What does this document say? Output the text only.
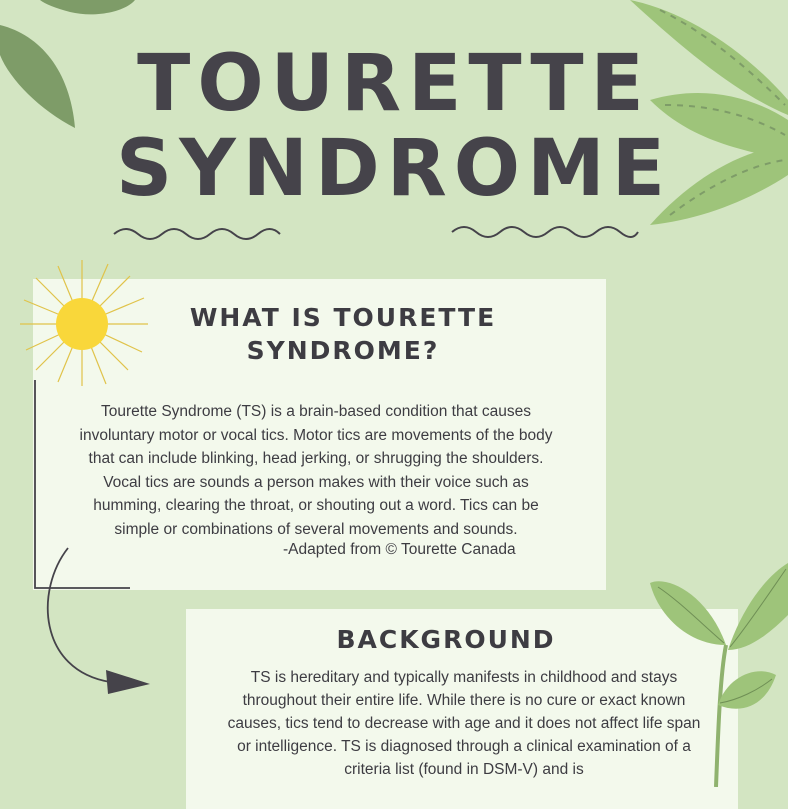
TOURETTE
SYNDROME
WHAT IS TOURETTE
SYNDROME?
Tourette Syndrome (TS) is a brain-based condition that causes involuntary motor or vocal tics. Motor tics are movements of the body that can include blinking, head jerking, or shrugging the shoulders. Vocal tics are sounds a person makes with their voice such as humming, clearing the throat, or shouting out a word. Tics can be simple or combinations of several movements and sounds.
-Adapted from © Tourette Canada
BACKGROUND
TS is hereditary and typically manifests in childhood and stays throughout their entire life. While there is no cure or exact known causes, tics tend to decrease with age and it does not affect life span or intelligence. TS is diagnosed through a clinical examination of a criteria list (found in DSM-V) and is
